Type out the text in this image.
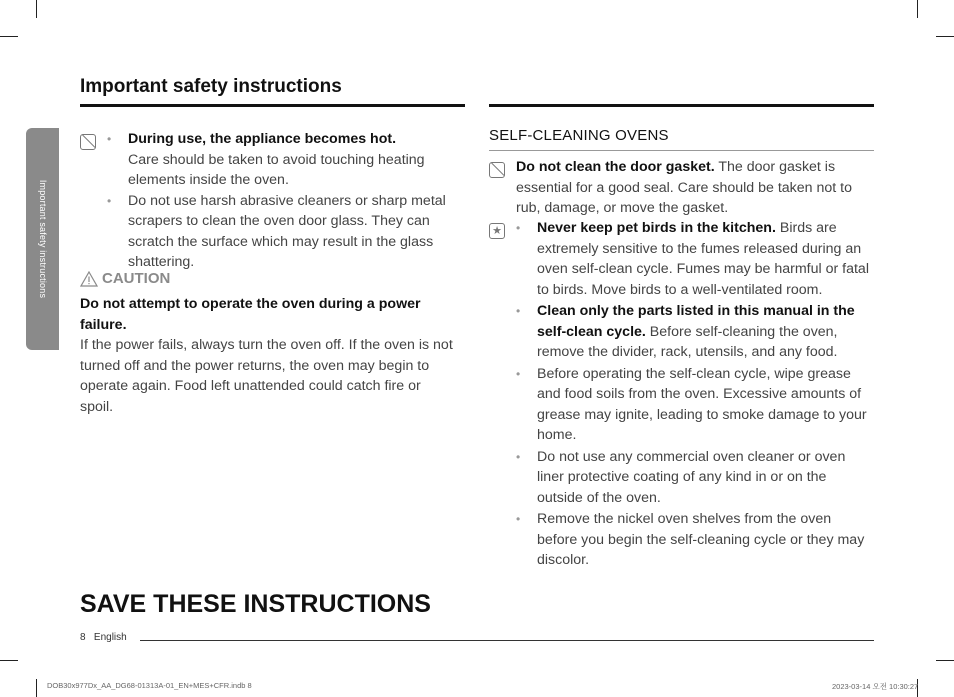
Important safety instructions
Important safety instructions
• During use, the appliance becomes hot.
Care should be taken to avoid touching heating elements inside the oven.
• Do not use harsh abrasive cleaners or sharp metal scrapers to clean the oven door glass. They can scratch the surface which may result in the glass shattering.
CAUTION
Do not attempt to operate the oven during a power failure.
If the power fails, always turn the oven off. If the oven is not turned off and the power returns, the oven may begin to operate again. Food left unattended could catch fire or spoil.
SELF-CLEANING OVENS
Do not clean the door gasket. The door gasket is essential for a good seal. Care should be taken not to rub, damage, or move the gasket.
★ • Never keep pet birds in the kitchen. Birds are extremely sensitive to the fumes released during an oven self-clean cycle. Fumes may be harmful or fatal to birds. Move birds to a well-ventilated room.
• Clean only the parts listed in this manual in the self-clean cycle. Before self-cleaning the oven, remove the divider, rack, utensils, and any food.
• Before operating the self-clean cycle, wipe grease and food soils from the oven. Excessive amounts of grease may ignite, leading to smoke damage to your home.
• Do not use any commercial oven cleaner or oven liner protective coating of any kind in or on the outside of the oven.
• Remove the nickel oven shelves from the oven before you begin the self-cleaning cycle or they may discolor.
SAVE THESE INSTRUCTIONS
8 English
DOB30x977Dx_AA_DG68-01313A-01_EN+MES+CFR.indb 8	2023-03-14 오전 10:30:27
